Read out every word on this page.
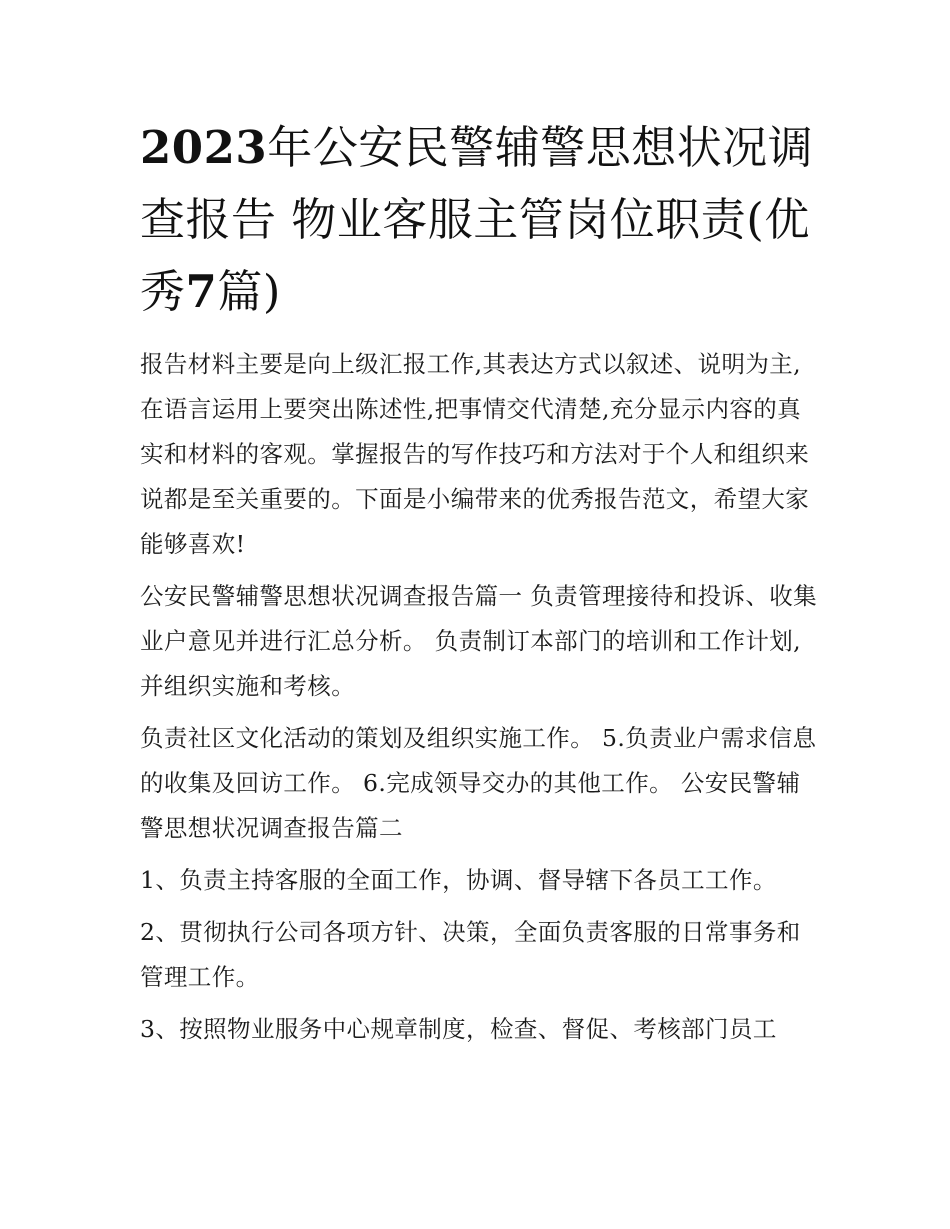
2023年公安民警辅警思想状况调查报告 物业客服主管岗位职责(优秀7篇)

报告材料主要是向上级汇报工作,其表达方式以叙述、说明为主,在语言运用上要突出陈述性,把事情交代清楚,充分显示内容的真实和材料的客观。掌握报告的写作技巧和方法对于个人和组织来说都是至关重要的。下面是小编带来的优秀报告范文，希望大家能够喜欢!

公安民警辅警思想状况调查报告篇一 负责管理接待和投诉、收集业户意见并进行汇总分析。 负责制订本部门的培训和工作计划,并组织实施和考核。

负责社区文化活动的策划及组织实施工作。 5.负责业户需求信息的收集及回访工作。 6.完成领导交办的其他工作。 公安民警辅警思想状况调查报告篇二

1、负责主持客服的全面工作，协调、督导辖下各员工工作。

2、贯彻执行公司各项方针、决策，全面负责客服的日常事务和管理工作。

3、按照物业服务中心规章制度，检查、督促、考核部门员工
